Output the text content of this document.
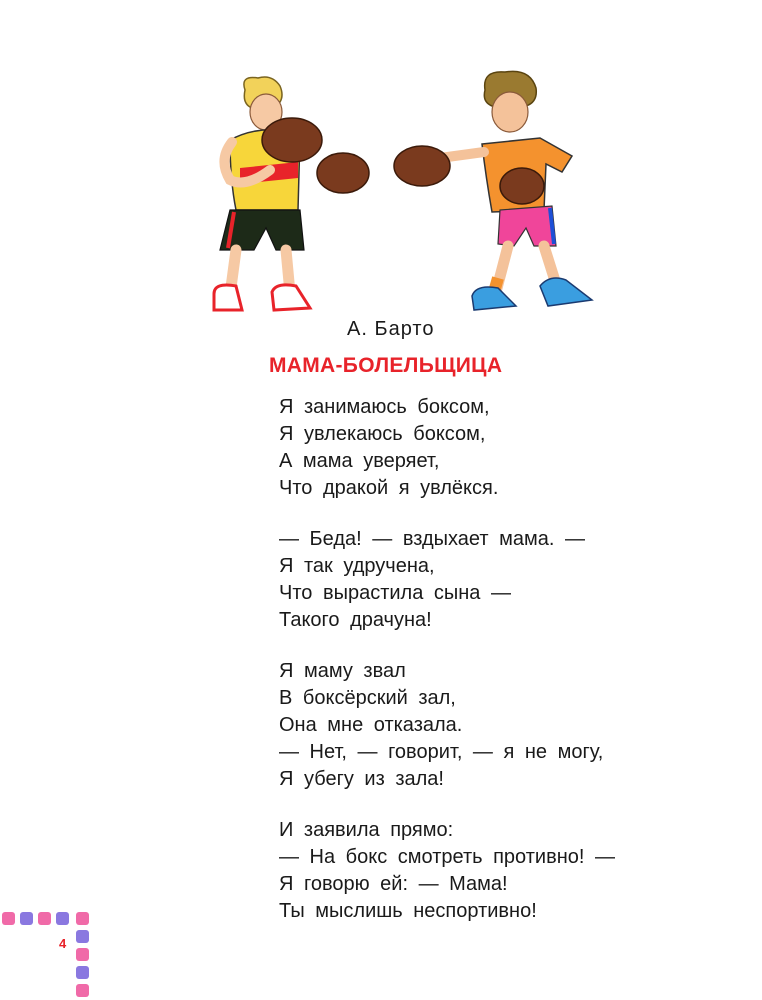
А. Барто
МАМА-БОЛЕЛЬЩИЦА
Я занимаюсь боксом,
Я увлекаюсь боксом,
А мама уверяет,
Что дракой я увлёкся.
— Беда! — вздыхает мама. —
Я так удручена,
Что вырастила сына —
Такого драчуна!
Я маму звал
В боксёрский зал,
Она мне отказала.
— Нет, — говорит, — я не могу,
Я убегу из зала!
И заявила прямо:
— На бокс смотреть противно! —
Я говорю ей: — Мама!
Ты мыслишь неспортивно!
4
